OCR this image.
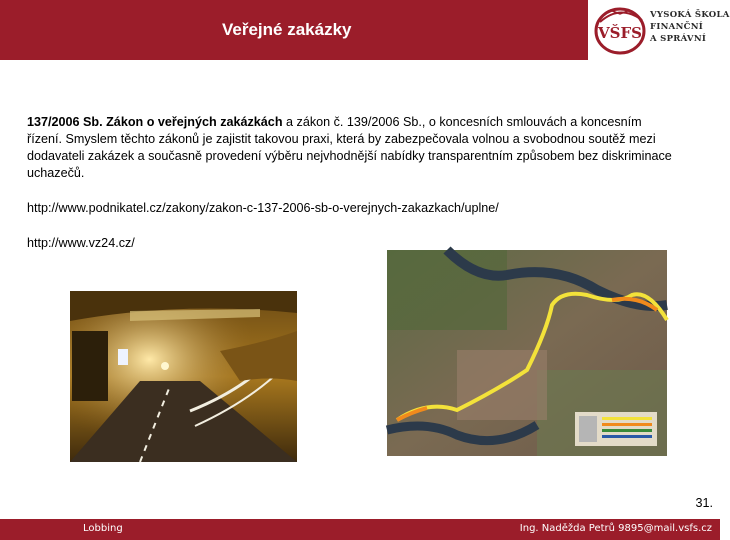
Veřejné zakázky	VŠFS
VYSOKÁ ŠKOLA
FINANČNÍ
A SPRÁVNÍ
137/2006 Sb. Zákon o veřejných zakázkách a zákon č. 139/2006 Sb., o koncesních smlouvách a koncesním řízení. Smyslem těchto zákonů je zajistit takovou praxi, která by zabezpečovala volnou a svobodnou soutěž mezi dodavateli zakázek a současně provedení výběru nejvhodnější nabídky transparentním způsobem bez diskriminace uchazečů.
http://www.podnikatel.cz/zakony/zakon-c-137-2006-sb-o-verejnych-zakazkach/uplne/
http://www.vz24.cz/
31.
Lobbing	Ing. Naděžda Petrů 9895@mail.vsfs.cz
